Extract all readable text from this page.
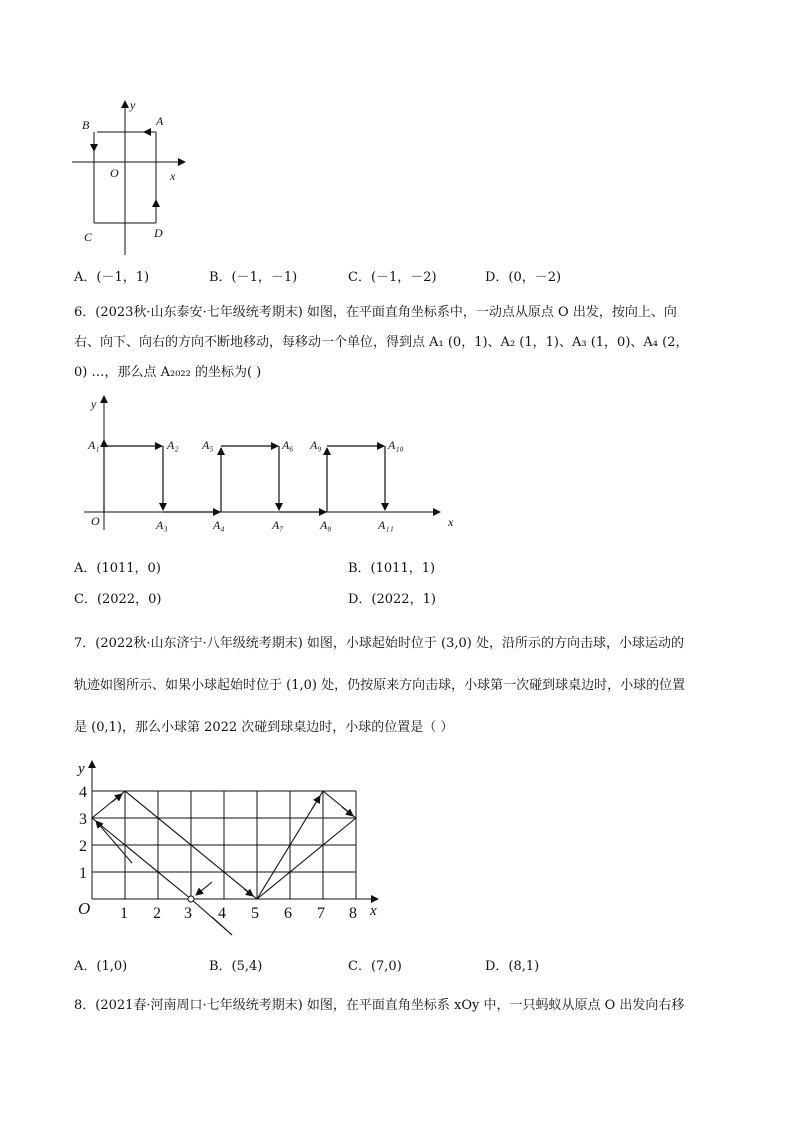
y
x
O
A
B
C	D
A．(－1，1)	B．(－1，－1)	C．(－1，－2)	D．(0，－2)
6．(2023秋·山东泰安·七年级统考期末) 如图，在平面直角坐标系中，一动点从原点 O 出发，按向上、向
右、向下、向右的方向不断地移动，每移动一个单位，得到点 A₁ (0，1)、A₂ (1，1)、A₃ (1，0)、A₄ (2，
0) …，那么点 A₂₀₂₂ 的坐标为( )
y
x
O
A₁	A₂
A₃	A₄
A₅	A₆
A₇	A₈
A₉	A₁₀
A₁₁
A．(1011，0)	B．(1011，1)
C．(2022，0)	D．(2022，1)
7．(2022秋·山东济宁·八年级统考期末) 如图，小球起始时位于 (3,0) 处，沿所示的方向击球，小球运动的
轨迹如图所示、如果小球起始时位于 (1,0) 处，仍按原来方向击球，小球第一次碰到球桌边时，小球的位置
是 (0,1)，那么小球第 2022 次碰到球桌边时，小球的位置是（ ）
y
x
O 1 2 3 4 5 6 7 8
1
2
3
4
A．(1,0)	B．(5,4)	C．(7,0)	D．(8,1)
8．(2021春·河南周口·七年级统考期末) 如图，在平面直角坐标系 xOy 中，一只蚂蚁从原点 O 出发向右移
